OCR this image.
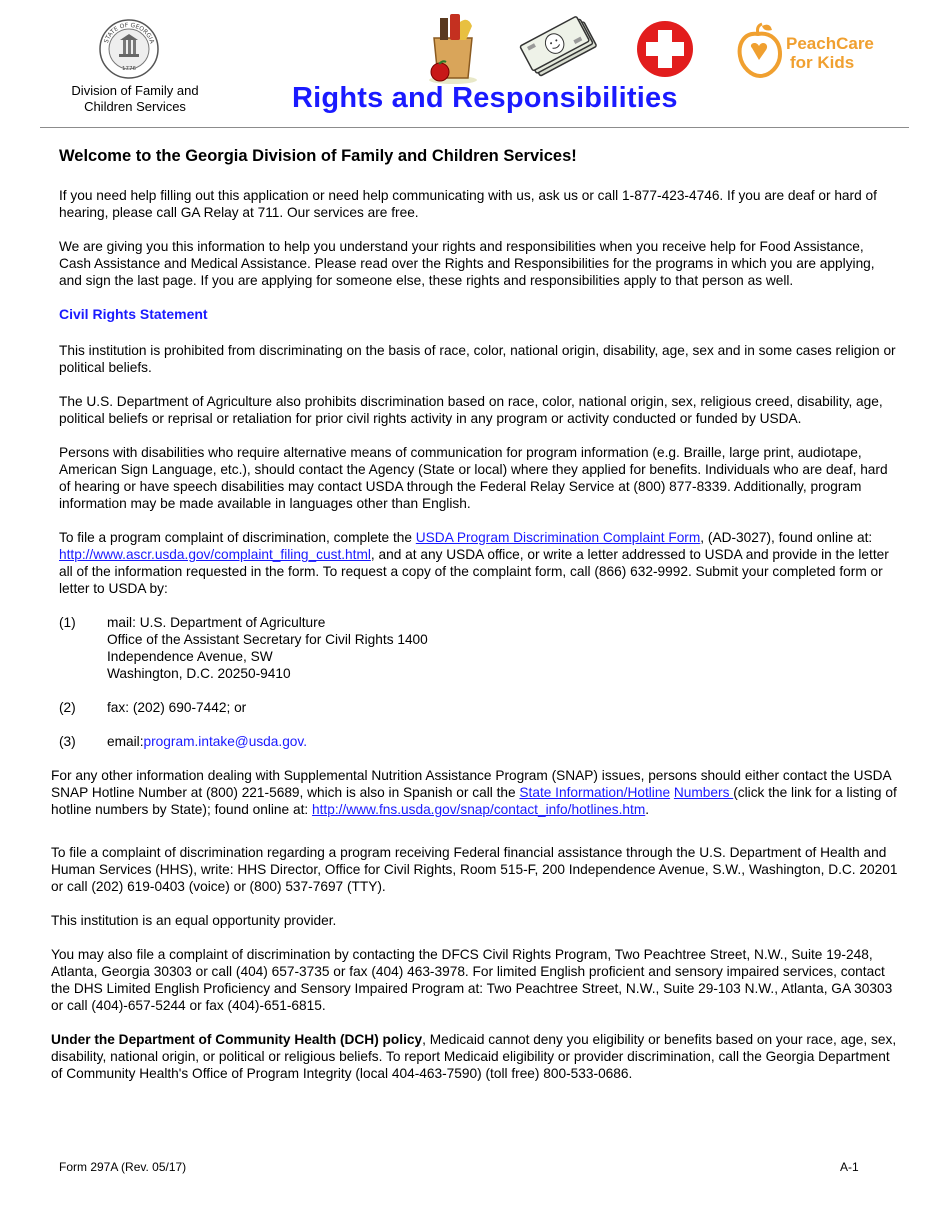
STATE OF GEORGIA
1776
Division of Family and
Children Services
PeachCare
for Kids
Rights and Responsibilities

Welcome to the Georgia Division of Family and Children Services!

If you need help filling out this application or need help communicating with us, ask us or call 1-877-423-4746. If you are deaf or hard of hearing, please call GA Relay at 711. Our services are free.

We are giving you this information to help you understand your rights and responsibilities when you receive help for Food Assistance, Cash Assistance and Medical Assistance. Please read over the Rights and Responsibilities for the programs in which you are applying, and sign the last page. If you are applying for someone else, these rights and responsibilities apply to that person as well.

Civil Rights Statement

This institution is prohibited from discriminating on the basis of race, color, national origin, disability, age, sex and in some cases religion or political beliefs.

The U.S. Department of Agriculture also prohibits discrimination based on race, color, national origin, sex, religious creed, disability, age, political beliefs or reprisal or retaliation for prior civil rights activity in any program or activity conducted or funded by USDA.

Persons with disabilities who require alternative means of communication for program information (e.g. Braille, large print, audiotape, American Sign Language, etc.), should contact the Agency (State or local) where they applied for benefits. Individuals who are deaf, hard of hearing or have speech disabilities may contact USDA through the Federal Relay Service at (800) 877-8339. Additionally, program information may be made available in languages other than English.

To file a program complaint of discrimination, complete the USDA Program Discrimination Complaint Form, (AD-3027), found online at: http://www.ascr.usda.gov/complaint_filing_cust.html, and at any USDA office, or write a letter addressed to USDA and provide in the letter all of the information requested in the form. To request a copy of the complaint form, call (866) 632-9992. Submit your completed form or letter to USDA by:

(1) mail: U.S. Department of Agriculture
Office of the Assistant Secretary for Civil Rights 1400
Independence Avenue, SW
Washington, D.C. 20250-9410
(2) fax: (202) 690-7442; or
(3) email:program.intake@usda.gov.

For any other information dealing with Supplemental Nutrition Assistance Program (SNAP) issues, persons should either contact the USDA SNAP Hotline Number at (800) 221-5689, which is also in Spanish or call the State Information/Hotline Numbers (click the link for a listing of hotline numbers by State); found online at: http://www.fns.usda.gov/snap/contact_info/hotlines.htm.

To file a complaint of discrimination regarding a program receiving Federal financial assistance through the U.S. Department of Health and Human Services (HHS), write: HHS Director, Office for Civil Rights, Room 515-F, 200 Independence Avenue, S.W., Washington, D.C. 20201 or call (202) 619-0403 (voice) or (800) 537-7697 (TTY).

This institution is an equal opportunity provider.

You may also file a complaint of discrimination by contacting the DFCS Civil Rights Program, Two Peachtree Street, N.W., Suite 19-248, Atlanta, Georgia 30303 or call (404) 657-3735 or fax (404) 463-3978. For limited English proficient and sensory impaired services, contact the DHS Limited English Proficiency and Sensory Impaired Program at: Two Peachtree Street, N.W., Suite 29-103 N.W., Atlanta, GA 30303 or call (404)-657-5244 or fax (404)-651-6815.

Under the Department of Community Health (DCH) policy, Medicaid cannot deny you eligibility or benefits based on your race, age, sex, disability, national origin, or political or religious beliefs. To report Medicaid eligibility or provider discrimination, call the Georgia Department of Community Health's Office of Program Integrity (local 404-463-7590) (toll free) 800-533-0686.

Form 297A (Rev. 05/17)	A-1
